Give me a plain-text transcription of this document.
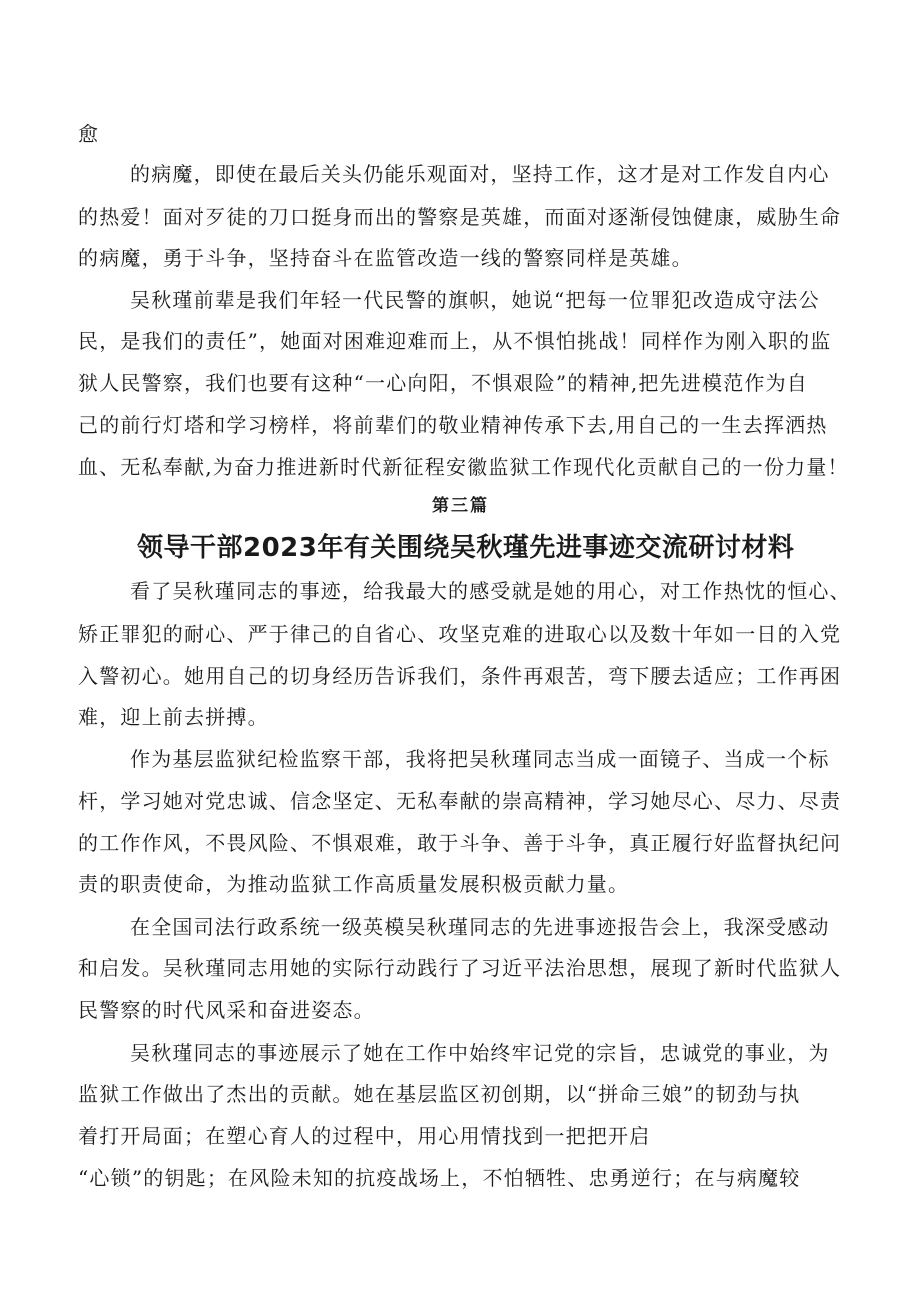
愈
的病魔，即使在最后关头仍能乐观面对，坚持工作，这才是对工作发自内心
的热爱！面对歹徒的刀口挺身而出的警察是英雄，而面对逐渐侵蚀健康，威胁生命
的病魔，勇于斗争，坚持奋斗在监管改造一线的警察同样是英雄。
吴秋瑾前辈是我们年轻一代民警的旗帜，她说“把每一位罪犯改造成守法公
民，是我们的责任”，她面对困难迎难而上，从不惧怕挑战！同样作为刚入职的监
狱人民警察，我们也要有这种“一心向阳，不惧艰险”的精神,把先进模范作为自
己的前行灯塔和学习榜样，将前辈们的敬业精神传承下去,用自己的一生去挥洒热
血、无私奉献,为奋力推进新时代新征程安徽监狱工作现代化贡献自己的一份力量！
第三篇
领导干部2023年有关围绕吴秋瑾先进事迹交流研讨材料
看了吴秋瑾同志的事迹，给我最大的感受就是她的用心，对工作热忱的恒心、
矫正罪犯的耐心、严于律己的自省心、攻坚克难的进取心以及数十年如一日的入党
入警初心。她用自己的切身经历告诉我们，条件再艰苦，弯下腰去适应；工作再困
难，迎上前去拼搏。
作为基层监狱纪检监察干部，我将把吴秋瑾同志当成一面镜子、当成一个标
杆，学习她对党忠诚、信念坚定、无私奉献的崇高精神，学习她尽心、尽力、尽责
的工作作风，不畏风险、不惧艰难，敢于斗争、善于斗争，真正履行好监督执纪问
责的职责使命，为推动监狱工作高质量发展积极贡献力量。
在全国司法行政系统一级英模吴秋瑾同志的先进事迹报告会上，我深受感动
和启发。吴秋瑾同志用她的实际行动践行了习近平法治思想，展现了新时代监狱人
民警察的时代风采和奋进姿态。
吴秋瑾同志的事迹展示了她在工作中始终牢记党的宗旨，忠诚党的事业，为
监狱工作做出了杰出的贡献。她在基层监区初创期，以“拼命三娘”的韧劲与执
着打开局面；在塑心育人的过程中，用心用情找到一把把开启
“心锁”的钥匙；在风险未知的抗疫战场上，不怕牺牲、忠勇逆行；在与病魔较
